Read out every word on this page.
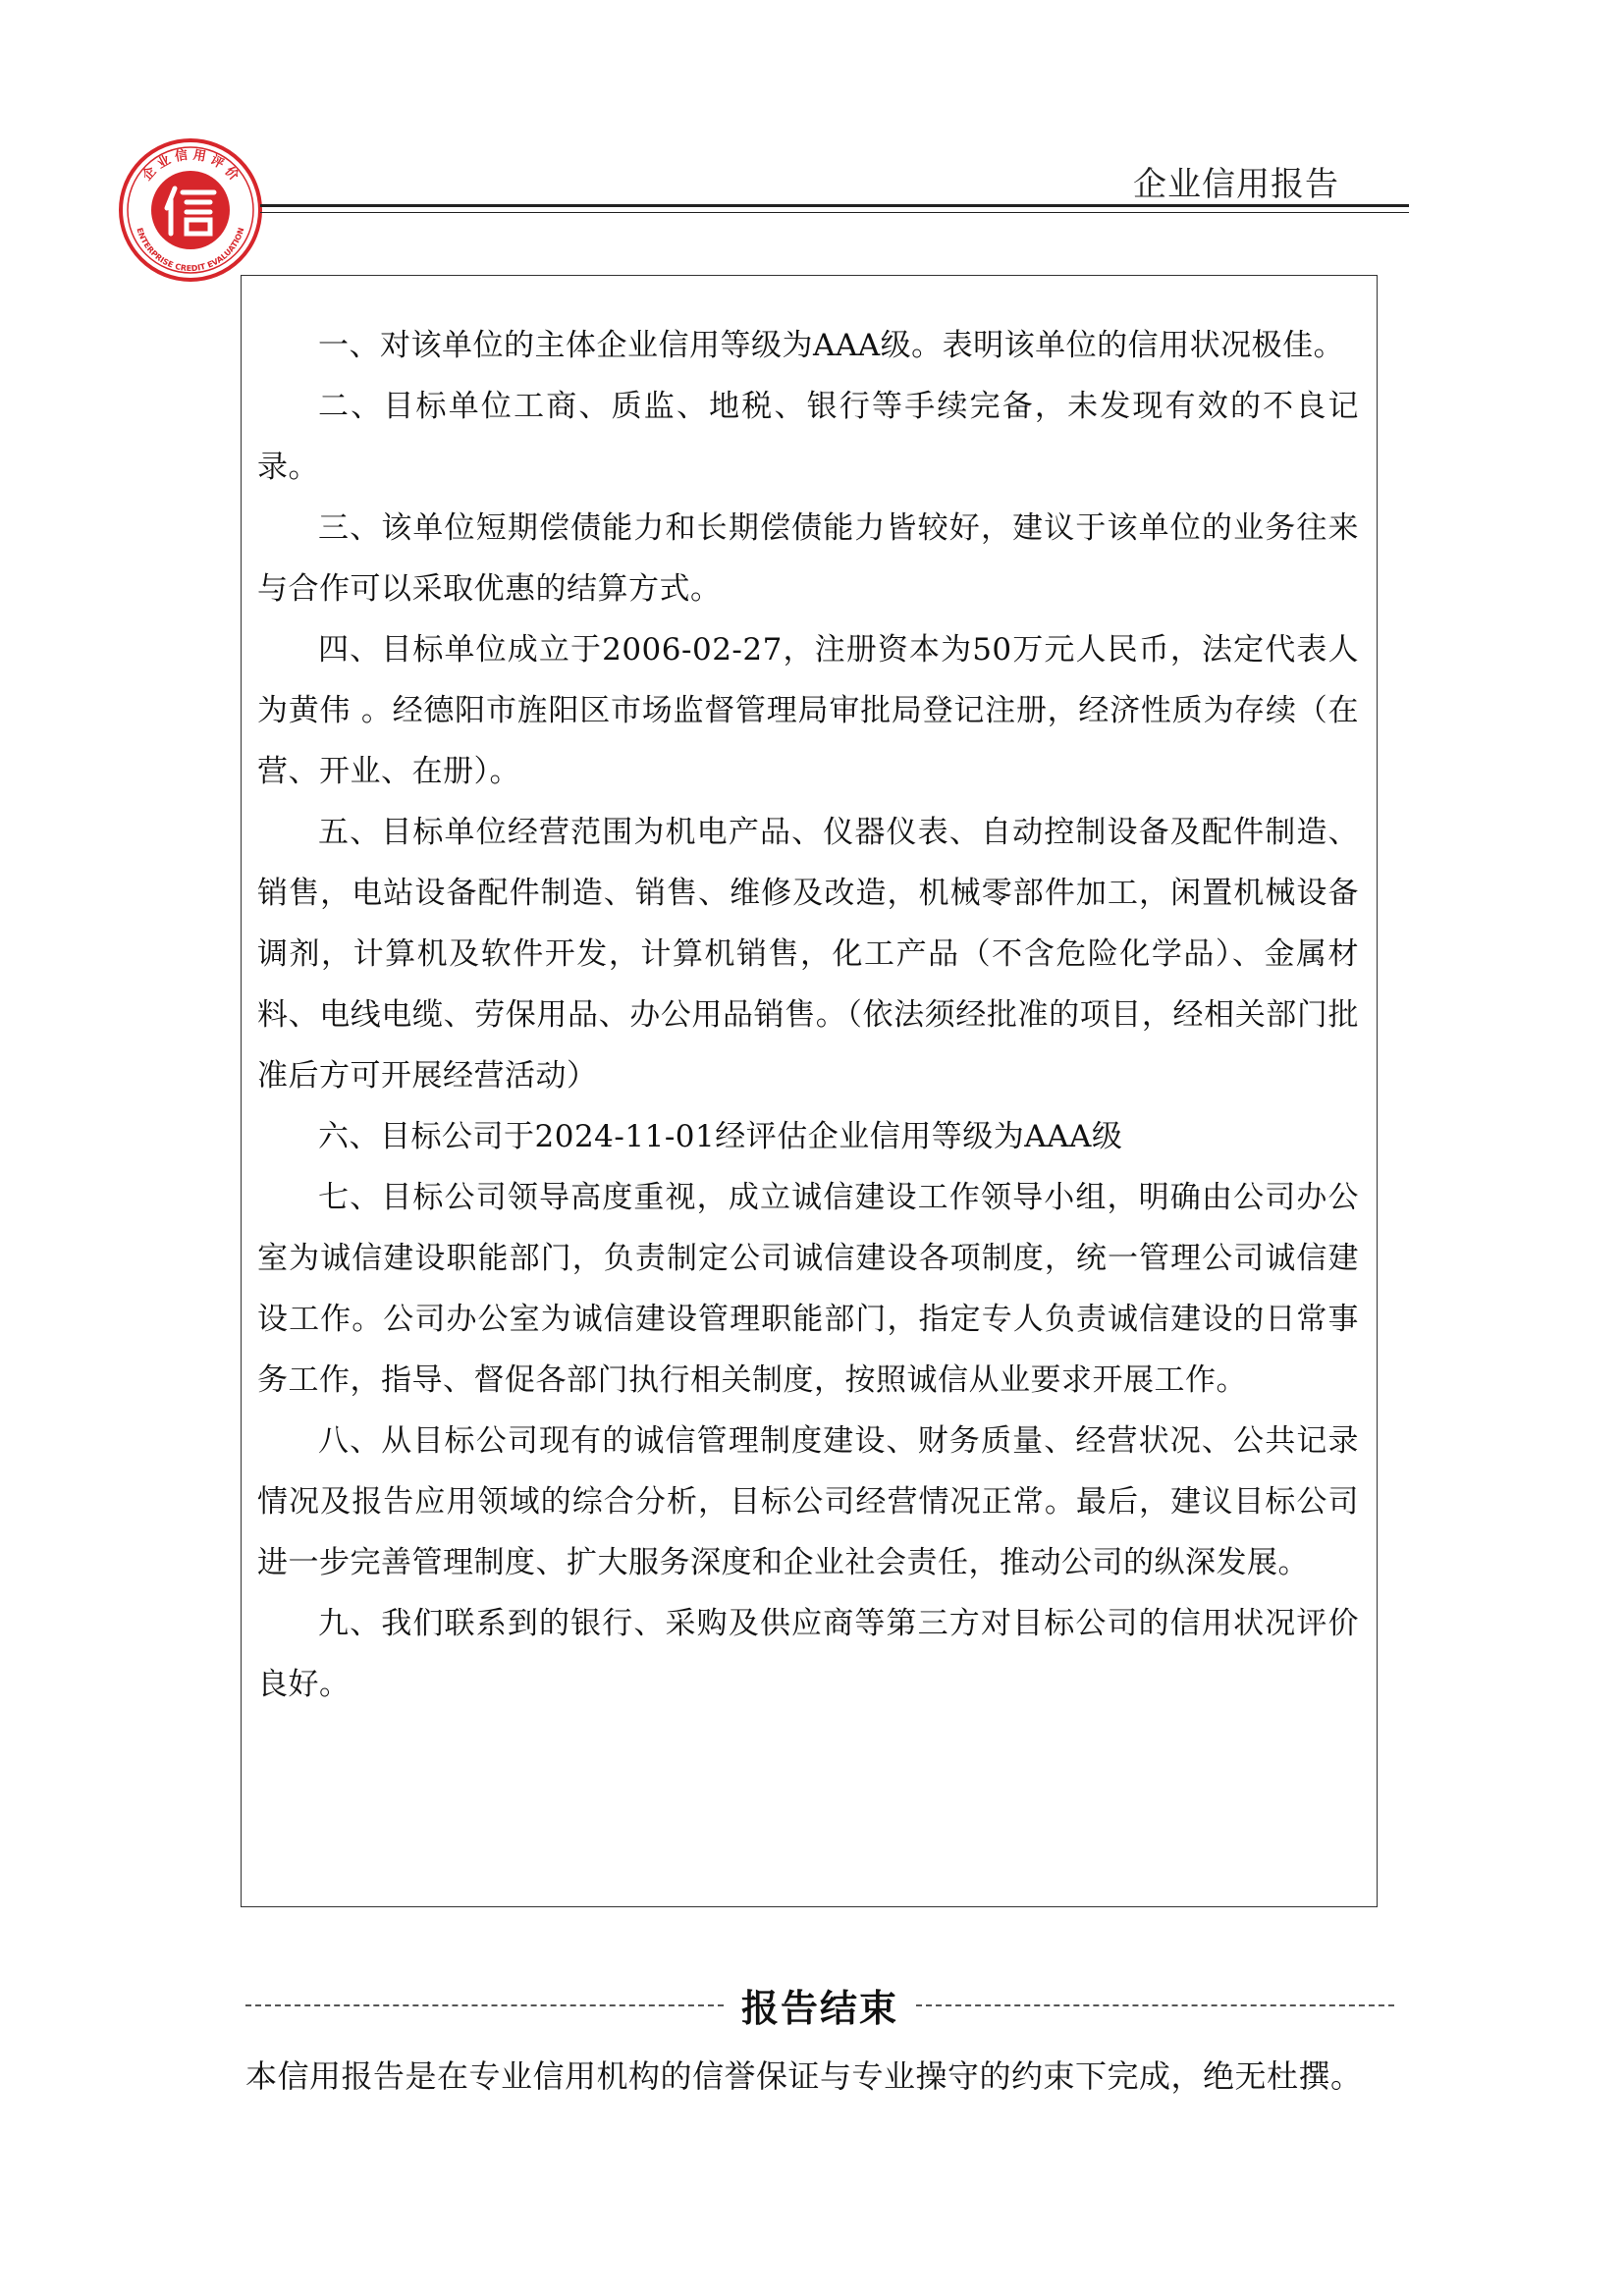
企 业 信 用 评 价
ENTERPRISE CREDIT EVALUATION
企业信用报告

一、对该单位的主体企业信用等级为AAA级。表明该单位的信用状况极佳。

二、目标单位工商、质监、地税、银行等手续完备，未发现有效的不良记录。

三、该单位短期偿债能力和长期偿债能力皆较好，建议于该单位的业务往来与合作可以采取优惠的结算方式。

四、目标单位成立于2006-02-27，注册资本为50万元人民币，法定代表人为黄伟 。经德阳市旌阳区市场监督管理局审批局登记注册，经济性质为存续（在营、开业、在册）。

五、目标单位经营范围为机电产品、仪器仪表、自动控制设备及配件制造、销售，电站设备配件制造、销售、维修及改造，机械零部件加工，闲置机械设备调剂，计算机及软件开发，计算机销售，化工产品（不含危险化学品）、金属材料、电线电缆、劳保用品、办公用品销售。（依法须经批准的项目，经相关部门批准后方可开展经营活动）

六、目标公司于2024-11-01经评估企业信用等级为AAA级

七、目标公司领导高度重视，成立诚信建设工作领导小组，明确由公司办公室为诚信建设职能部门，负责制定公司诚信建设各项制度，统一管理公司诚信建设工作。公司办公室为诚信建设管理职能部门，指定专人负责诚信建设的日常事务工作，指导、督促各部门执行相关制度，按照诚信从业要求开展工作。

八、从目标公司现有的诚信管理制度建设、财务质量、经营状况、公共记录情况及报告应用领域的综合分析，目标公司经营情况正常。最后，建议目标公司进一步完善管理制度、扩大服务深度和企业社会责任，推动公司的纵深发展。

九、我们联系到的银行、采购及供应商等第三方对目标公司的信用状况评价良好。

报告结束
本信用报告是在专业信用机构的信誉保证与专业操守的约束下完成，绝无杜撰。
